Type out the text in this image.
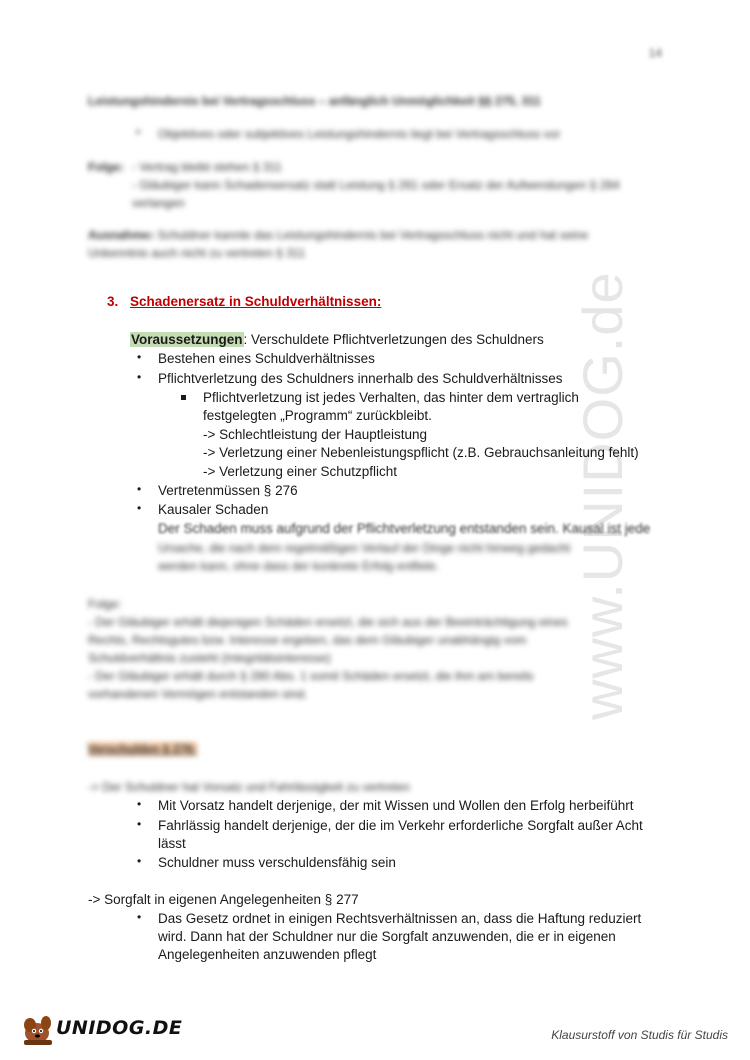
14
www.UNIDOG.de
Leistungshindernis bei Vertragsschluss – anfänglich Unmöglichkeit §§ 275, 311
• Objektives oder subjektives Leistungshindernis liegt bei Vertragsschluss vor
Folge: - Vertrag bleibt stehen § 311
- Gläubiger kann Schadensersatz statt Leistung § 281 oder Ersatz der Aufwendungen § 284
verlangen
Ausnahme:
- Schuldner kannte das Leistungshindernis bei Vertragsschluss nicht und hat seine
Unkenntnis auch nicht zu vertreten § 311
3. Schadenersatz in Schuldverhältnissen:
Voraussetzungen: Verschuldete Pflichtverletzungen des Schuldners
• Bestehen eines Schuldverhältnisses
• Pflichtverletzung des Schuldners innerhalb des Schuldverhältnisses
Pflichtverletzung ist jedes Verhalten, das hinter dem vertraglich
festgelegten „Programm“ zurückbleibt.
-> Schlechtleistung der Hauptleistung
-> Verletzung einer Nebenleistungspflicht (z.B. Gebrauchsanleitung fehlt)
-> Verletzung einer Schutzpflicht
• Vertretenmüssen § 276
• Kausaler Schaden
Der Schaden muss aufgrund der Pflichtverletzung entstanden sein. Kausal ist jede
Ursache, die nach dem regelmäßigen Verlauf der Dinge nicht hinweg gedacht
werden kann, ohne dass der konkrete Erfolg entfiele.
Folge:
- Der Gläubiger erhält diejenigen Schäden ersetzt, die sich aus der Beeinträchtigung eines
Rechts, Rechtsgutes bzw. Interesse ergeben, das dem Gläubiger unabhängig vom
Schuldverhältnis zusteht (Integritätsinteresse)
- Der Gläubiger erhält durch § 280 Abs. 1 somit Schäden ersetzt, die ihm am bereits
vorhandenen Vermögen entstanden sind.
Verschulden § 276:
-> Der Schuldner hat Vorsatz und Fahrlässigkeit zu vertreten
• Mit Vorsatz handelt derjenige, der mit Wissen und Wollen den Erfolg herbeiführt
• Fahrlässig handelt derjenige, der die im Verkehr erforderliche Sorgfalt außer Acht
lässt
• Schuldner muss verschuldensfähig sein
-> Sorgfalt in eigenen Angelegenheiten § 277
• Das Gesetz ordnet in einigen Rechtsverhältnissen an, dass die Haftung reduziert
wird. Dann hat der Schuldner nur die Sorgfalt anzuwenden, die er in eigenen
Angelegenheiten anzuwenden pflegt
UNIDOG.DE	Klausurstoff von Studis für Studis
